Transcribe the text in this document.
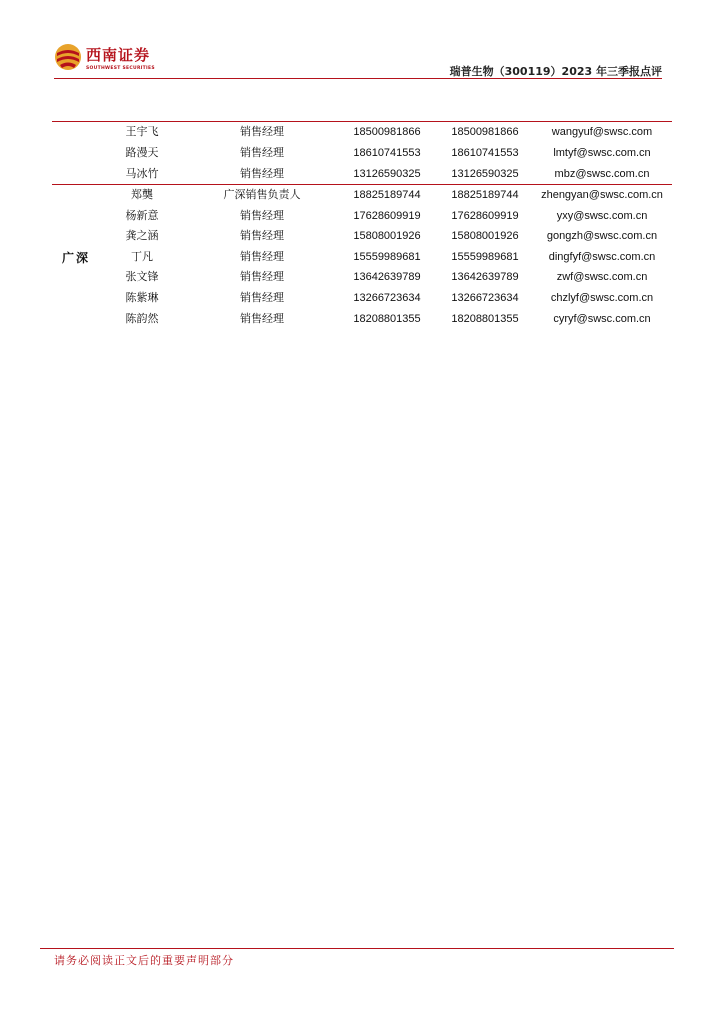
西南证券
SOUTHWEST SECURITIES	瑞普生物（300119）2023 年三季报点评
广深
王宇飞	销售经理	18500981866	18500981866	wangyuf@swsc.com
路漫天	销售经理	18610741553	18610741553	lmtyf@swsc.com.cn
马冰竹	销售经理	13126590325	13126590325	mbz@swsc.com.cn
郑龑	广深销售负责人	18825189744	18825189744	zhengyan@swsc.com.cn
杨新意	销售经理	17628609919	17628609919	yxy@swsc.com.cn
龚之涵	销售经理	15808001926	15808001926	gongzh@swsc.com.cn
丁凡	销售经理	15559989681	15559989681	dingfyf@swsc.com.cn
张文锋	销售经理	13642639789	13642639789	zwf@swsc.com.cn
陈紫琳	销售经理	13266723634	13266723634	chzlyf@swsc.com.cn
陈韵然	销售经理	18208801355	18208801355	cyryf@swsc.com.cn
请务必阅读正文后的重要声明部分
